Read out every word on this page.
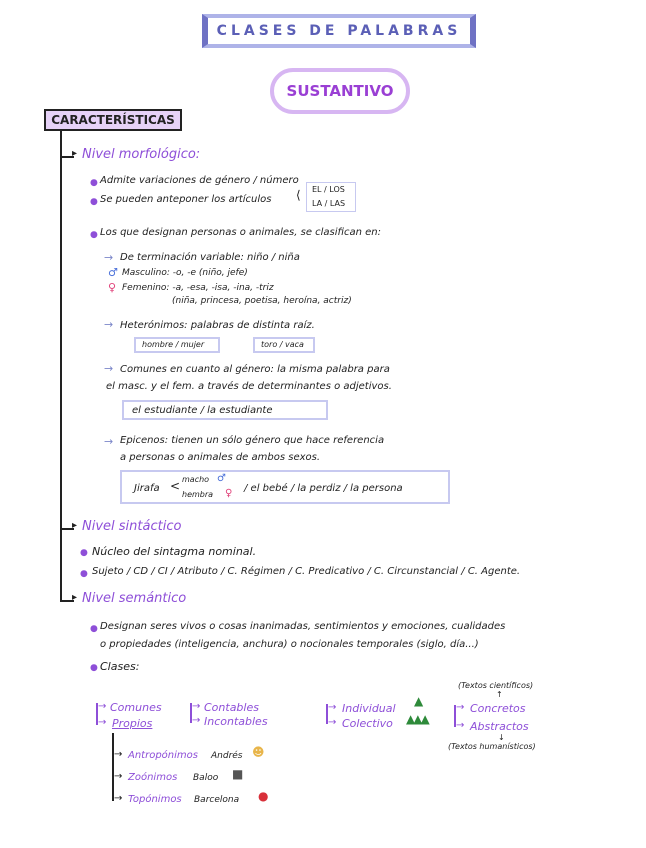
CLASES DE PALABRAS
SUSTANTIVO
CARACTERÍSTICAS
▸ Nivel morfológico:
● Admite variaciones de género / número
● Se pueden anteponer los artículos ⟨ EL / LOS
LA / LAS
● Los que designan personas o animales, se clasifican en:
→ De terminación variable: niño / niña
♂ Masculino: -o, -e (niño, jefe)
♀ Femenino: -a, -esa, -isa, -ina, -triz
(niña, princesa, poetisa, heroína, actriz)
→ Heterónimos: palabras de distinta raíz.
hombre / mujer	toro / vaca
→ Comunes en cuanto al género: la misma palabra para
el masc. y el fem. a través de determinantes o adjetivos.
el estudiante / la estudiante
→ Epicenos: tienen un sólo género que hace referencia
a personas o animales de ambos sexos.
Jirafa < macho ♂
hembra ♀ / el bebé / la perdiz / la persona
▸ Nivel sintáctico
● Núcleo del sintagma nominal.
● Sujeto / CD / CI / Atributo / C. Régimen / C. Predicativo / C. Circunstancial / C. Agente.
▸ Nivel semántico
● Designan seres vivos o cosas inanimadas, sentimientos y emociones, cualidades
o propiedades (inteligencia, anchura) o nocionales temporales (siglo, día...)
● Clases:
→ Comunes
→ Propios
→ Contables
→ Incontables
→ Individual
→ Colectivo
▲
▲▲▲
(Textos científicos)
↑
→ Concretos
→ Abstractos
↓
(Textos humanísticos)
→ Antropónimos Andrés ☻
→ Zoónimos Baloo ■
→ Topónimos Barcelona ●
